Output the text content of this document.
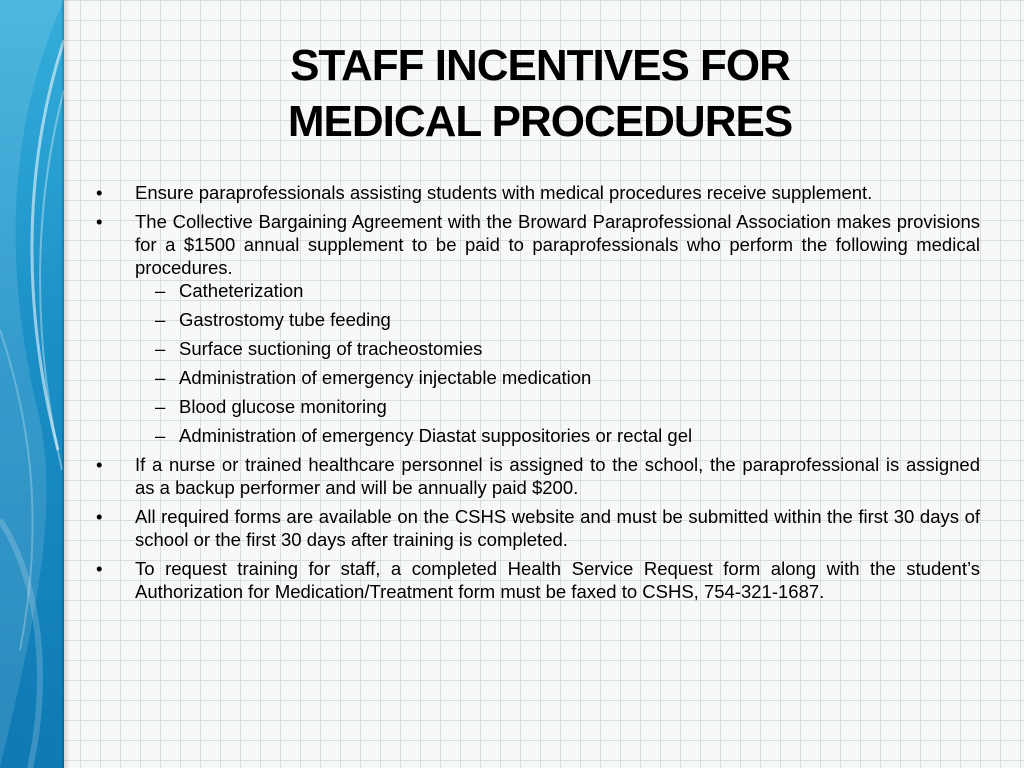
STAFF INCENTIVES FOR
MEDICAL PROCEDURES
•	Ensure paraprofessionals assisting students with medical procedures receive supplement.
•	The Collective Bargaining Agreement with the Broward Paraprofessional Association makes provisions for a $1500 annual supplement to be paid to paraprofessionals who perform the following medical procedures.
– Catheterization
– Gastrostomy tube feeding
– Surface suctioning of tracheostomies
– Administration of emergency injectable medication
– Blood glucose monitoring
– Administration of emergency Diastat suppositories or rectal gel
•	If a nurse or trained healthcare personnel is assigned to the school, the paraprofessional is assigned as a backup performer and will be annually paid $200.
•	All required forms are available on the CSHS website and must be submitted within the first 30 days of school or the first 30 days after training is completed.
•	To request training for staff, a completed Health Service Request form along with the student’s Authorization for Medication/Treatment form must be faxed to CSHS, 754-321-1687.
